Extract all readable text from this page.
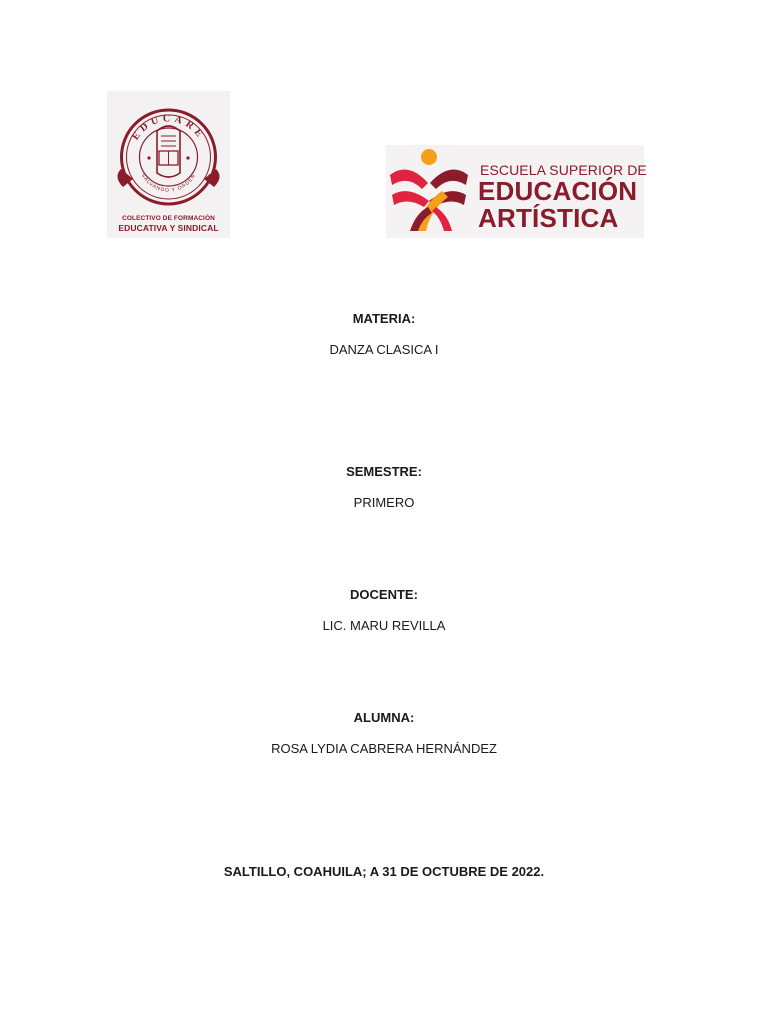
EDUCARE
SALVANDO Y ORDEN
COLECTIVO DE FORMACIÓN
EDUCATIVA Y SINDICAL
ESCUELA SUPERIOR DE
EDUCACIÓN
ARTÍSTICA
MATERIA:
DANZA CLASICA I
SEMESTRE:
PRIMERO
DOCENTE:
LIC. MARU REVILLA
ALUMNA:
ROSA LYDIA CABRERA HERNÁNDEZ
SALTILLO, COAHUILA; A 31 DE OCTUBRE DE 2022.
